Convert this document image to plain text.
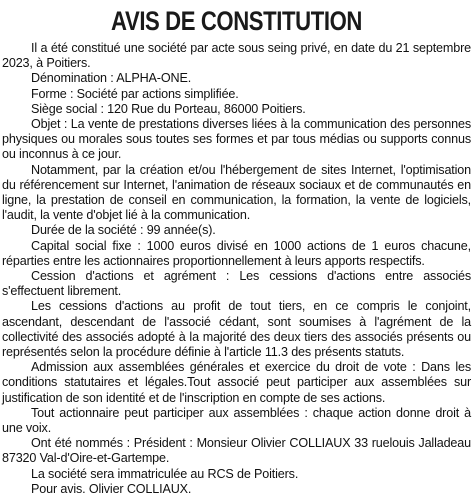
AVIS DE CONSTITUTION

Il a été constitué une société par acte sous seing privé, en date du 21 septembre 2023, à Poitiers.

Dénomination : ALPHA-ONE.

Forme : Société par actions simplifiée.

Siège social : 120 Rue du Porteau, 86000 Poitiers.

Objet : La vente de prestations diverses liées à la communication des personnes physiques ou morales sous toutes ses formes et par tous médias ou supports connus ou inconnus à ce jour.

Notamment, par la création et/ou l'hébergement de sites Internet, l'optimisation du référencement sur Internet, l'animation de réseaux sociaux et de communautés en ligne, la prestation de conseil en communication, la formation, la vente de logiciels, l'audit, la vente d'objet lié à la communication.

Durée de la société : 99 année(s).

Capital social fixe : 1000 euros divisé en 1000 actions de 1 euros chacune, réparties entre les actionnaires proportionnellement à leurs apports respectifs.

Cession d'actions et agrément : Les cessions d'actions entre associés s'effectuent librement.

Les cessions d'actions au profit de tout tiers, en ce compris le conjoint, ascendant, descendant de l'associé cédant, sont soumises à l'agrément de la collectivité des associés adopté à la majorité des deux tiers des associés présents ou représentés selon la procédure définie à l'article 11.3 des présents statuts.

Admission aux assemblées générales et exercice du droit de vote : Dans les conditions statutaires et légales.Tout associé peut participer aux assemblées sur justification de son identité et de l'inscription en compte de ses actions.

Tout actionnaire peut participer aux assemblées : chaque action donne droit à une voix.

Ont été nommés : Président : Monsieur Olivier COLLIAUX 33 ruelouis Jalladeau 87320 Val-d'Oire-et-Gartempe.

La société sera immatriculée au RCS de Poitiers.

Pour avis. Olivier COLLIAUX.
